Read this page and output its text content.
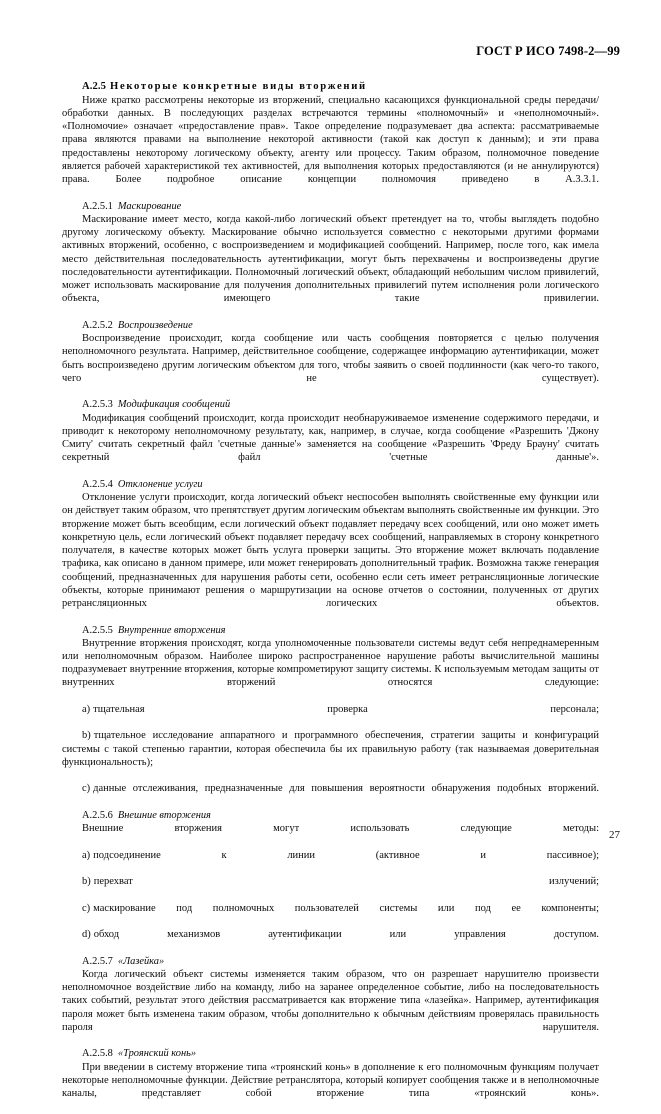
ГОСТ Р ИСО 7498-2—99
А.2.5 Некоторые конкретные виды вторжений

Ниже кратко рассмотрены некоторые из вторжений, специально касающихся функциональной среды передачи/обработки данных. В последующих разделах встречаются термины «полномочный» и «неполномочный». «Полномочие» означает «предоставление прав». Такое определение подразумевает два аспекта: рассматриваемые права являются правами на выполнение некоторой активности (такой как доступ к данным); и эти права предоставлены некоторому логическому объекту, агенту или процессу. Таким образом, полномочное поведение является рабочей характеристикой тех активностей, для выполнения которых предоставляются (и не аннулируются) права. Более подробное описание концепции полномочия приведено в А.3.3.1.

А.2.5.1 Маскирование

Маскирование имеет место, когда какой-либо логический объект претендует на то, чтобы выглядеть подобно другому логическому объекту. Маскирование обычно используется совместно с некоторыми другими формами активных вторжений, особенно, с воспроизведением и модификацией сообщений. Например, после того, как имела место действительная последовательность аутентификации, могут быть перехвачены и воспроизведены другие последовательности аутентификации. Полномочный логический объект, обладающий небольшим числом привилегий, может использовать маскирование для получения дополнительных привилегий путем исполнения роли логического объекта, имеющего такие привилегии.

А.2.5.2 Воспроизведение

Воспроизведение происходит, когда сообщение или часть сообщения повторяется с целью получения неполномочного результата. Например, действительное сообщение, содержащее информацию аутентификации, может быть воспроизведено другим логическим объектом для того, чтобы заявить о своей подлинности (как чего-то такого, чего не существует).

А.2.5.3 Модификация сообщений

Модификация сообщений происходит, когда происходит необнаруживаемое изменение содержимого передачи, и приводит к некоторому неполномочному результату, как, например, в случае, когда сообщение «Разрешить 'Джону Смиту' считать секретный файл 'счетные данные'» заменяется на сообщение «Разрешить 'Фреду Брауну' считать секретный файл 'счетные данные'».

А.2.5.4 Отклонение услуги

Отклонение услуги происходит, когда логический объект неспособен выполнять свойственные ему функции или он действует таким образом, что препятствует другим логическим объектам выполнять свойственные им функции. Это вторжение может быть всеобщим, если логический объект подавляет передачу всех сообщений, или оно может иметь конкретную цель, если логический объект подавляет передачу всех сообщений, направляемых в сторону конкретного получателя, в качестве которых может быть услуга проверки защиты. Это вторжение может включать подавление трафика, как описано в данном примере, или может генерировать дополнительный трафик. Возможна также генерация сообщений, предназначенных для нарушения работы сети, особенно если сеть имеет ретрансляционные логические объекты, которые принимают решения о маршрутизации на основе отчетов о состоянии, полученных от других ретрансляционных логических объектов.

А.2.5.5 Внутренние вторжения

Внутренние вторжения происходят, когда уполномоченные пользователи системы ведут себя непреднамеренным или неполномочным образом. Наиболее широко распространенное нарушение работы вычислительной машины подразумевает внутренние вторжения, которые компрометируют защиту системы. К используемым методам защиты от внутренних вторжений относятся следующие:

a) тщательная проверка персонала;
b) тщательное исследование аппаратного и программного обеспечения, стратегии защиты и конфигураций системы с такой степенью гарантии, которая обеспечила бы их правильную работу (так называемая доверительная функциональность);
c) данные отслеживания, предназначенные для повышения вероятности обнаружения подобных вторжений.
А.2.5.6 Внешние вторжения

Внешние вторжения могут использовать следующие методы:

a) подсоединение к линии (активное и пассивное);
b) перехват излучений;
c) маскирование под полномочных пользователей системы или под ее компоненты;
d) обход механизмов аутентификации или управления доступом.
А.2.5.7 «Лазейка»

Когда логический объект системы изменяется таким образом, что он разрешает нарушителю произвести неполномочное воздействие либо на команду, либо на заранее определенное событие, либо на последовательность таких событий, результат этого действия рассматривается как вторжение типа «лазейка». Например, аутентификация пароля может быть изменена таким образом, чтобы дополнительно к обычным действиям проверялась правильность пароля нарушителя.

А.2.5.8 «Троянский конь»

При введении в систему вторжение типа «троянский конь» в дополнение к его полномочным функциям получает некоторые неполномочные функции. Действие ретранслятора, который копирует сообщения также и в неполномочные каналы, представляет собой вторжение типа «троянский конь».

27
